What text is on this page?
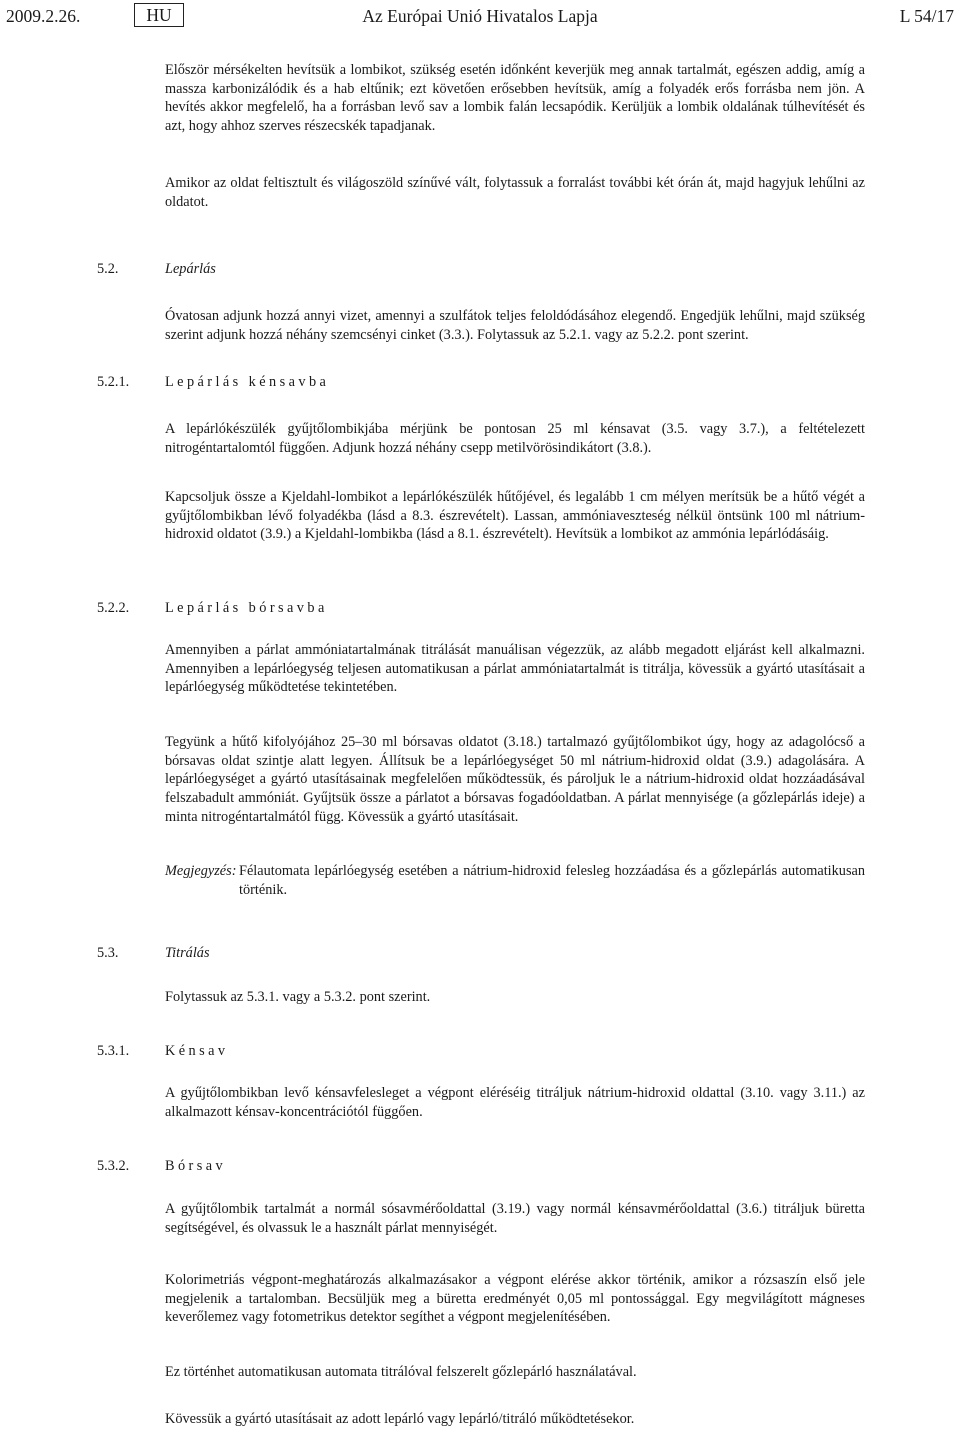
2009.2.26.	Az Európai Unió Hivatalos Lapja
HU	L 54/17
Először mérsékelten hevítsük a lombikot, szükség esetén időnként keverjük meg annak tartalmát, egészen addig, amíg a massza karbonizálódik és a hab eltűnik; ezt követően erősebben hevítsük, amíg a folyadék erős forrásba nem jön. A hevítés akkor megfelelő, ha a forrásban levő sav a lombik falán lecsapódik. Kerüljük a lombik oldalának túlhevítését és azt, hogy ahhoz szerves részecskék tapadjanak.
Amikor az oldat feltisztult és világoszöld színűvé vált, folytassuk a forralást további két órán át, majd hagyjuk lehűlni az oldatot.
5.2.	Lepárlás
Óvatosan adjunk hozzá annyi vizet, amennyi a szulfátok teljes feloldódásához elegendő. Engedjük lehűlni, majd szükség szerint adjunk hozzá néhány szemcsényi cinket (3.3.). Folytassuk az 5.2.1. vagy az 5.2.2. pont szerint.
5.2.1.	Lepárlás kénsavba
A lepárlókészülék gyűjtőlombikjába mérjünk be pontosan 25 ml kénsavat (3.5. vagy 3.7.), a feltételezett nitrogéntartalomtól függően. Adjunk hozzá néhány csepp metilvörösindikátort (3.8.).
Kapcsoljuk össze a Kjeldahl-lombikot a lepárlókészülék hűtőjével, és legalább 1 cm mélyen merítsük be a hűtő végét a gyűjtőlombikban lévő folyadékba (lásd a 8.3. észrevételt). Lassan, ammóniaveszteség nélkül öntsünk 100 ml nátrium-hidroxid oldatot (3.9.) a Kjeldahl-lombikba (lásd a 8.1. észrevételt). Hevítsük a lombikot az ammónia lepárlódásáig.
5.2.2.	Lepárlás bórsavba
Amennyiben a párlat ammóniatartalmának titrálását manuálisan végezzük, az alább megadott eljárást kell alkalmazni. Amennyiben a lepárlóegység teljesen automatikusan a párlat ammóniatartalmát is titrálja, kövessük a gyártó utasításait a lepárlóegység működtetése tekintetében.
Tegyünk a hűtő kifolyójához 25–30 ml bórsavas oldatot (3.18.) tartalmazó gyűjtőlombikot úgy, hogy az adagolócső a bórsavas oldat szintje alatt legyen. Állítsuk be a lepárlóegységet 50 ml nátrium-hidroxid oldat (3.9.) adagolására. A lepárlóegységet a gyártó utasításainak megfelelően működtessük, és pároljuk le a nátrium-hidroxid oldat hozzáadásával felszabadult ammóniát. Gyűjtsük össze a párlatot a bórsavas fogadóoldatban. A párlat mennyisége (a gőzlepárlás ideje) a minta nitrogéntartalmától függ. Kövessük a gyártó utasításait.
Megjegyzés: Félautomata lepárlóegység esetében a nátrium-hidroxid felesleg hozzáadása és a gőzlepárlás automatikusan történik.
5.3.	Titrálás
Folytassuk az 5.3.1. vagy a 5.3.2. pont szerint.
5.3.1.	Kénsav
A gyűjtőlombikban levő kénsavfelesleget a végpont eléréséig titráljuk nátrium-hidroxid oldattal (3.10. vagy 3.11.) az alkalmazott kénsav-koncentrációtól függően.
5.3.2.	Bórsav
A gyűjtőlombik tartalmát a normál sósavmérőoldattal (3.19.) vagy normál kénsavmérőoldattal (3.6.) titráljuk büretta segítségével, és olvassuk le a használt párlat mennyiségét.
Kolorimetriás végpont-meghatározás alkalmazásakor a végpont elérése akkor történik, amikor a rózsaszín első jele megjelenik a tartalomban. Becsüljük meg a büretta eredményét 0,05 ml pontossággal. Egy megvilágított mágneses keverőlemez vagy fotometrikus detektor segíthet a végpont megjelenítésében.
Ez történhet automatikusan automata titrálóval felszerelt gőzlepárló használatával.
Kövessük a gyártó utasításait az adott lepárló vagy lepárló/titráló működtetésekor.
